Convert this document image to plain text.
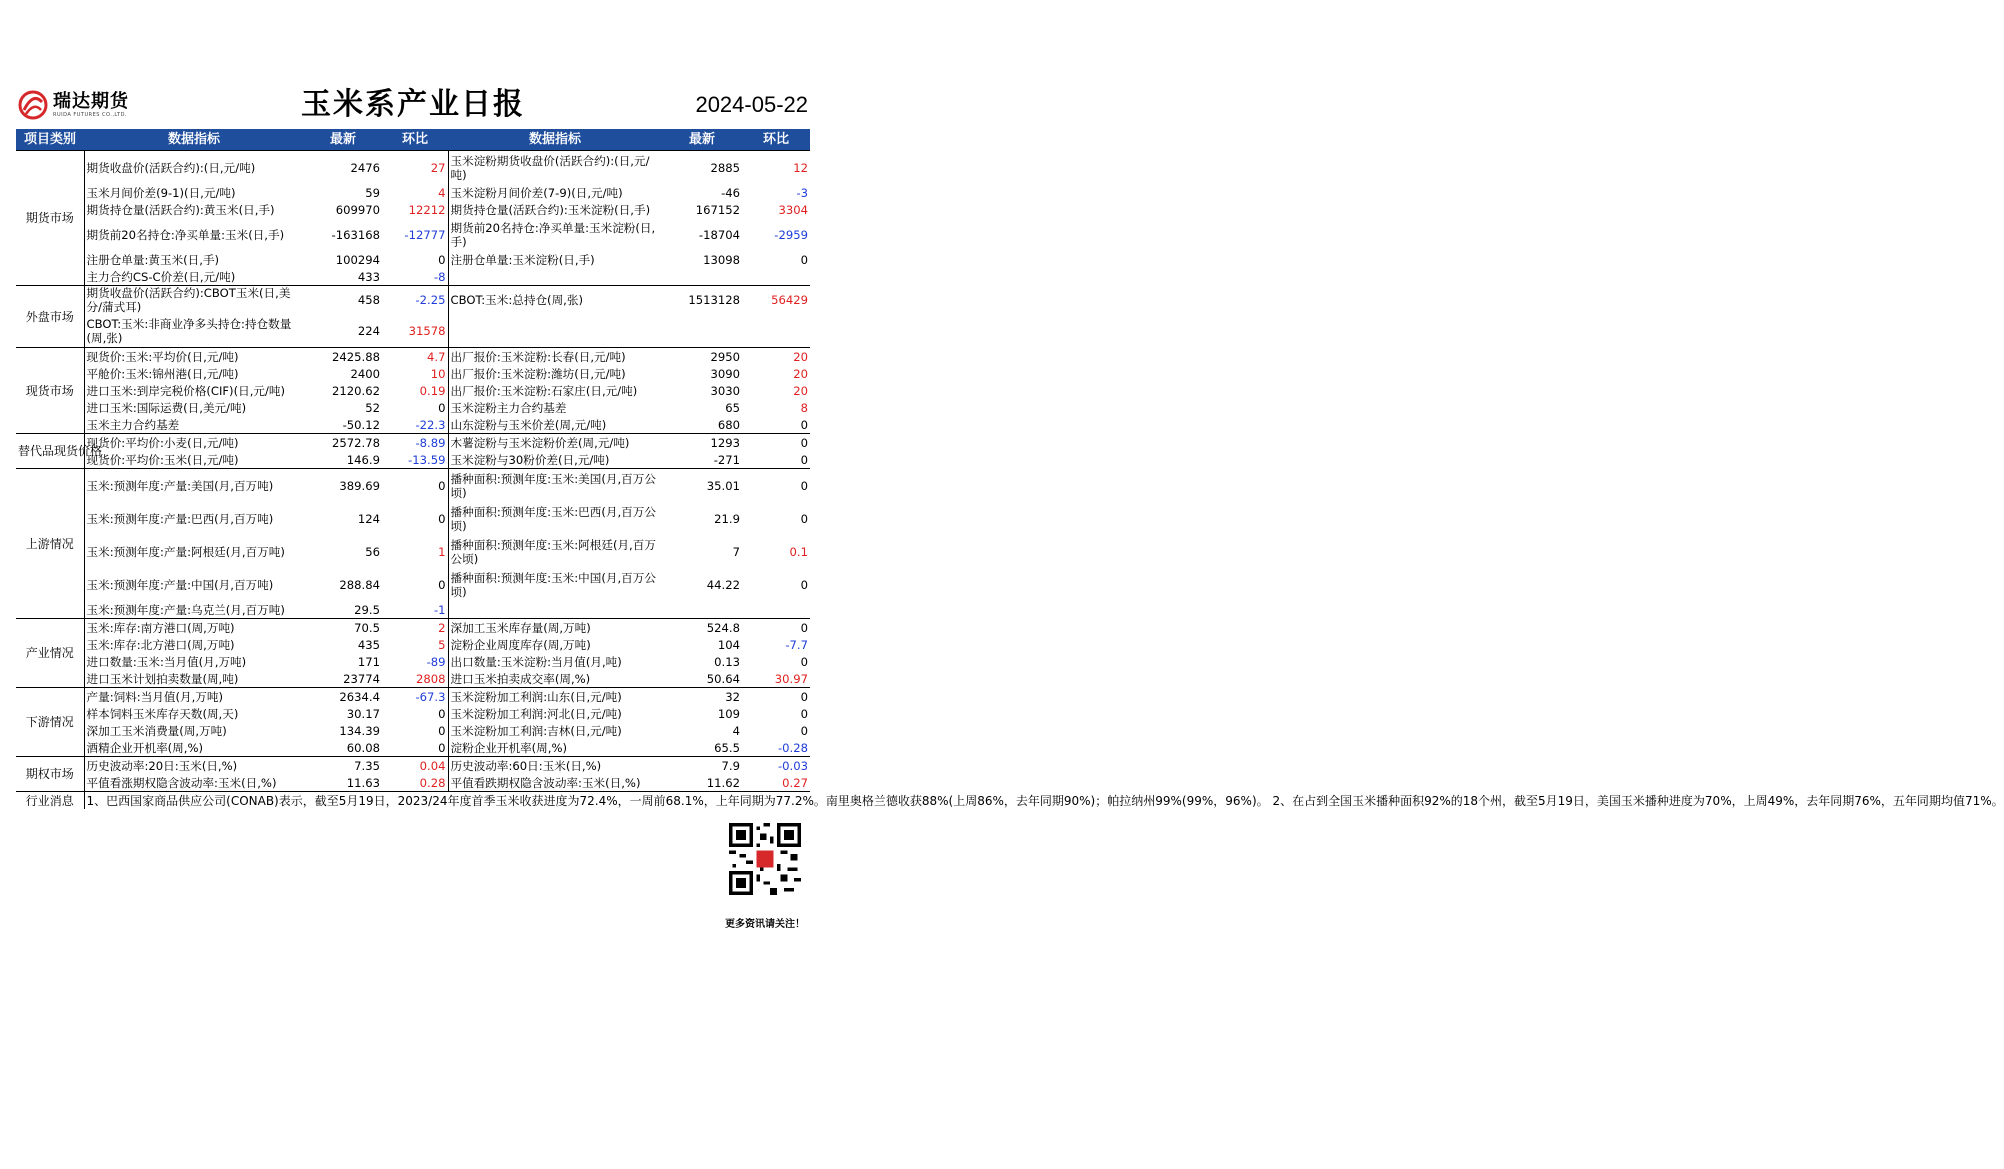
瑞达期货
RUIDA FUTURES CO.,LTD.	玉米系产业日报	2024-05-22
项目类别	数据指标	最新	环比	数据指标	最新	环比
期货市场	期货收盘价(活跃合约):(日,元/吨)	2476	27	玉米淀粉期货收盘价(活跃合约):(日,元/吨)	2885	12
	玉米月间价差(9-1)(日,元/吨)	59	4	玉米淀粉月间价差(7-9)(日,元/吨)	-46	-3
	期货持仓量(活跃合约):黄玉米(日,手)	609970	12212	期货持仓量(活跃合约):玉米淀粉(日,手)	167152	3304
	期货前20名持仓:净买单量:玉米(日,手)	-163168	-12777	期货前20名持仓:净买单量:玉米淀粉(日,手)	-18704	-2959
	注册仓单量:黄玉米(日,手)	100294	0	注册仓单量:玉米淀粉(日,手)	13098	0
	主力合约CS-C价差(日,元/吨)	433	-8			
外盘市场	期货收盘价(活跃合约):CBOT玉米(日,美分/蒲式耳)	458	-2.25	CBOT:玉米:总持仓(周,张)	1513128	56429
	CBOT:玉米:非商业净多头持仓:持仓数量(周,张)	224	31578			
现货市场	现货价:玉米:平均价(日,元/吨)	2425.88	4.7	出厂报价:玉米淀粉:长春(日,元/吨)	2950	20
	平舱价:玉米:锦州港(日,元/吨)	2400	10	出厂报价:玉米淀粉:潍坊(日,元/吨)	3090	20
	进口玉米:到岸完税价格(CIF)(日,元/吨)	2120.62	0.19	出厂报价:玉米淀粉:石家庄(日,元/吨)	3030	20
	进口玉米:国际运费(日,美元/吨)	52	0	玉米淀粉主力合约基差	65	8
	玉米主力合约基差	-50.12	-22.3	山东淀粉与玉米价差(周,元/吨)	680	0
替代品现货价格	现货价:平均价:小麦(日,元/吨)	2572.78	-8.89	木薯淀粉与玉米淀粉价差(周,元/吨)	1293	0
	现货价:平均价:玉米(日,元/吨)	146.9	-13.59	玉米淀粉与30粉价差(日,元/吨)	-271	0
上游情况	玉米:预测年度:产量:美国(月,百万吨)	389.69	0	播种面积:预测年度:玉米:美国(月,百万公顷)	35.01	0
	玉米:预测年度:产量:巴西(月,百万吨)	124	0	播种面积:预测年度:玉米:巴西(月,百万公顷)	21.9	0
	玉米:预测年度:产量:阿根廷(月,百万吨)	56	1	播种面积:预测年度:玉米:阿根廷(月,百万公顷)	7	0.1
	玉米:预测年度:产量:中国(月,百万吨)	288.84	0	播种面积:预测年度:玉米:中国(月,百万公顷)	44.22	0
	玉米:预测年度:产量:乌克兰(月,百万吨)	29.5	-1			
产业情况	玉米:库存:南方港口(周,万吨)	70.5	2	深加工玉米库存量(周,万吨)	524.8	0
	玉米:库存:北方港口(周,万吨)	435	5	淀粉企业周度库存(周,万吨)	104	-7.7
	进口数量:玉米:当月值(月,万吨)	171	-89	出口数量:玉米淀粉:当月值(月,吨)	0.13	0
	进口玉米计划拍卖数量(周,吨)	23774	2808	进口玉米拍卖成交率(周,%)	50.64	30.97
下游情况	产量:饲料:当月值(月,万吨)	2634.4	-67.3	玉米淀粉加工利润:山东(日,元/吨)	32	0
	样本饲料玉米库存天数(周,天)	30.17	0	玉米淀粉加工利润:河北(日,元/吨)	109	0
	深加工玉米消费量(周,万吨)	134.39	0	玉米淀粉加工利润:吉林(日,元/吨)	4	0
	酒精企业开机率(周,%)	60.08	0	淀粉企业开机率(周,%)	65.5	-0.28
期权市场	历史波动率:20日:玉米(日,%)	7.35	0.04	历史波动率:60日:玉米(日,%)	7.9	-0.03
	平值看涨期权隐含波动率:玉米(日,%)	11.63	0.28	平值看跌期权隐含波动率:玉米(日,%)	11.62	0.27
行业消息	1、巴西国家商品供应公司(CONAB)表示，截至5月19日，2023/24年度首季玉米收获进度为72.4%，一周前68.1%，上年同期为77.2%。南里奥格兰德收获88%(上周86%，去年同期90%)；帕拉纳州99%(99%，96%)。 2、在占到全国玉米播种面积92%的18个州，截至5月19日，美国玉米播种进度为70%，上周49%，去年同期76%，五年同期均值71%。					
更多资讯请关注！
